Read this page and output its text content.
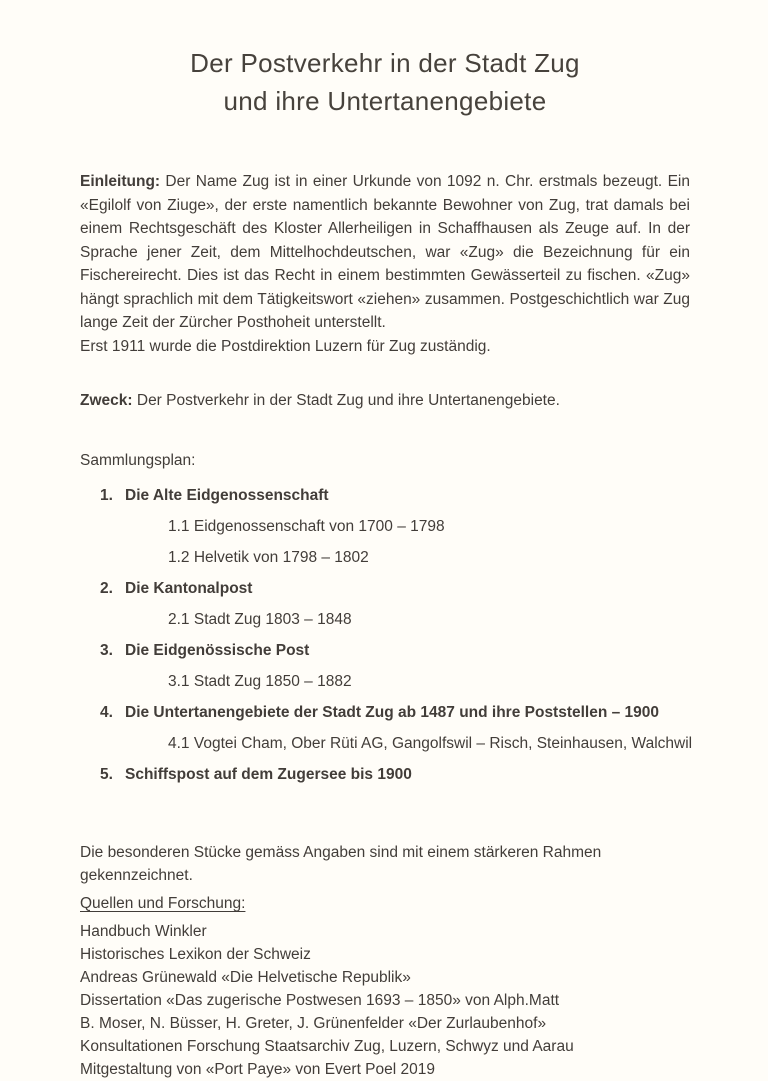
Der Postverkehr in der Stadt Zug
und ihre Untertanengebiete
Einleitung: Der Name Zug ist in einer Urkunde von 1092 n. Chr. erstmals bezeugt. Ein «Egilolf von Ziuge», der erste namentlich bekannte Bewohner von Zug, trat damals bei einem Rechtsgeschäft des Kloster Allerheiligen in Schaffhausen als Zeuge auf. In der Sprache jener Zeit, dem Mittelhochdeutschen, war «Zug» die Bezeichnung für ein Fischereirecht. Dies ist das Recht in einem bestimmten Gewässerteil zu fischen. «Zug» hängt sprachlich mit dem Tätigkeitswort «ziehen» zusammen. Postgeschichtlich war Zug lange Zeit der Zürcher Posthoheit unterstellt.
Erst 1911 wurde die Postdirektion Luzern für Zug zuständig.
Zweck: Der Postverkehr in der Stadt Zug und ihre Untertanengebiete.
Sammlungsplan:
1. Die Alte Eidgenossenschaft
1.1 Eidgenossenschaft von 1700 – 1798
1.2 Helvetik von 1798 – 1802
2. Die Kantonalpost
2.1 Stadt Zug 1803 – 1848
3. Die Eidgenössische Post
3.1 Stadt Zug 1850 – 1882
4. Die Untertanengebiete der Stadt Zug ab 1487 und ihre Poststellen – 1900
4.1 Vogtei Cham, Ober Rüti AG, Gangolfswil – Risch, Steinhausen, Walchwil
5. Schiffspost auf dem Zugersee bis 1900
Die besonderen Stücke gemäss Angaben sind mit einem stärkeren Rahmen gekennzeichnet.
Quellen und Forschung:
Handbuch Winkler
Historisches Lexikon der Schweiz
Andreas Grünewald «Die Helvetische Republik»
Dissertation «Das zugerische Postwesen 1693 – 1850» von Alph.Matt
B. Moser, N. Büsser, H. Greter, J. Grünenfelder «Der Zurlaubenhof»
Konsultationen Forschung Staatsarchiv Zug, Luzern, Schwyz und Aarau
Mitgestaltung von «Port Paye» von Evert Poel 2019
